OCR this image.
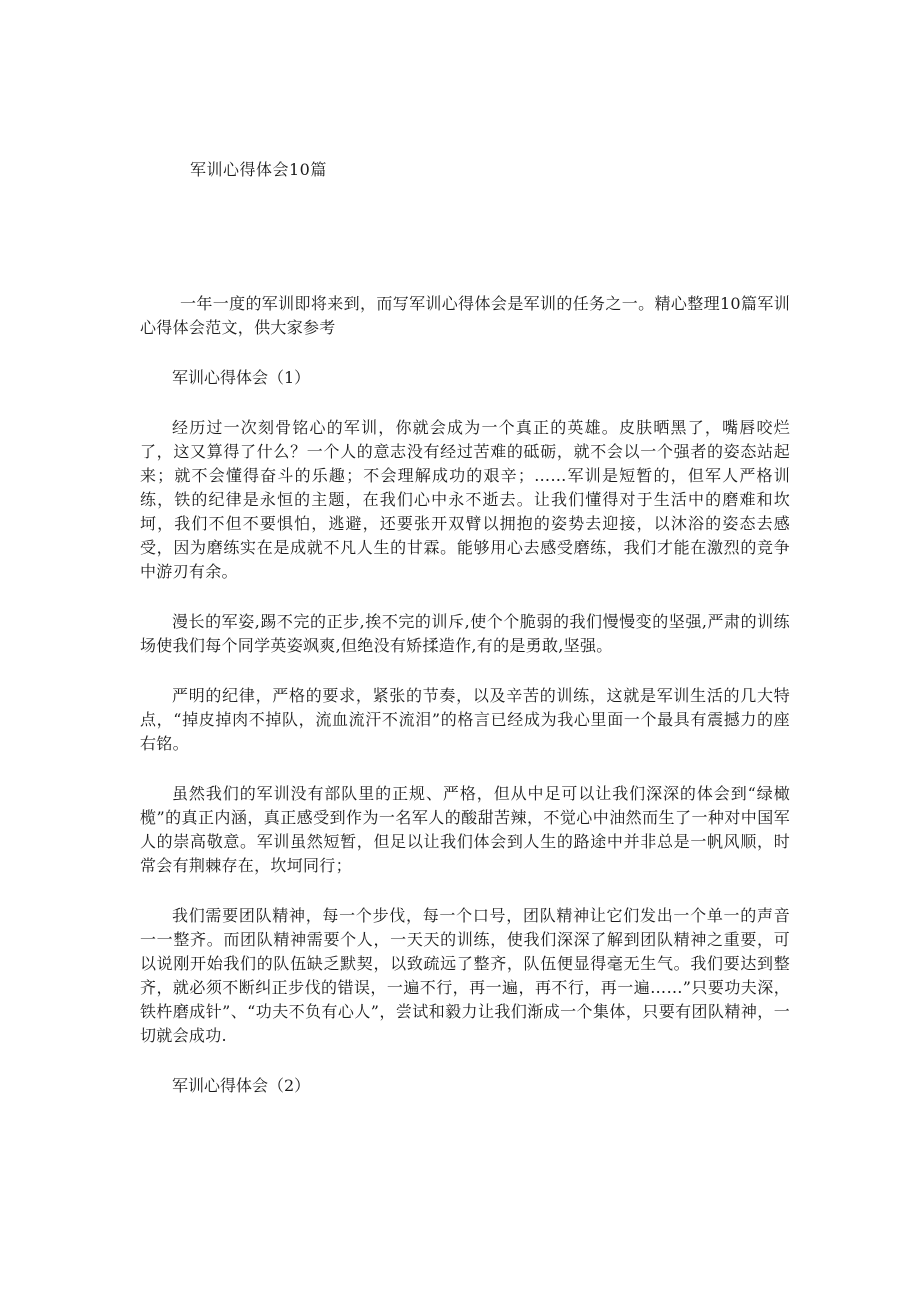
军训心得体会10篇

一年一度的军训即将来到，而写军训心得体会是军训的任务之一。精心整理10篇军训心得体会范文，供大家参考

军训心得体会（1）

经历过一次刻骨铭心的军训，你就会成为一个真正的英雄。皮肤晒黑了，嘴唇咬烂了，这又算得了什么？一个人的意志没有经过苦难的砥砺，就不会以一个强者的姿态站起来；就不会懂得奋斗的乐趣；不会理解成功的艰辛；……军训是短暂的，但军人严格训练，铁的纪律是永恒的主题，在我们心中永不逝去。让我们懂得对于生活中的磨难和坎坷，我们不但不要惧怕，逃避，还要张开双臂以拥抱的姿势去迎接，以沐浴的姿态去感受，因为磨练实在是成就不凡人生的甘霖。能够用心去感受磨练，我们才能在激烈的竞争中游刃有余。

漫长的军姿,踢不完的正步,挨不完的训斥,使个个脆弱的我们慢慢变的坚强,严肃的训练场使我们每个同学英姿飒爽,但绝没有矫揉造作,有的是勇敢,坚强。

严明的纪律，严格的要求，紧张的节奏，以及辛苦的训练，这就是军训生活的几大特点，“掉皮掉肉不掉队，流血流汗不流泪”的格言已经成为我心里面一个最具有震撼力的座右铭。

虽然我们的军训没有部队里的正规、严格，但从中足可以让我们深深的体会到“绿橄榄”的真正内涵，真正感受到作为一名军人的酸甜苦辣，不觉心中油然而生了一种对中国军人的崇高敬意。军训虽然短暂，但足以让我们体会到人生的路途中并非总是一帆风顺，时常会有荆棘存在，坎坷同行；

我们需要团队精神，每一个步伐，每一个口号，团队精神让它们发出一个单一的声音一一整齐。而团队精神需要个人，一天天的训练，使我们深深了解到团队精神之重要，可以说刚开始我们的队伍缺乏默契，以致疏远了整齐，队伍便显得毫无生气。我们要达到整齐，就必须不断纠正步伐的错误，一遍不行，再一遍，再不行，再一遍……”只要功夫深，铁杵磨成针”、“功夫不负有心人”，尝试和毅力让我们渐成一个集体，只要有团队精神，一切就会成功.

军训心得体会（2）
